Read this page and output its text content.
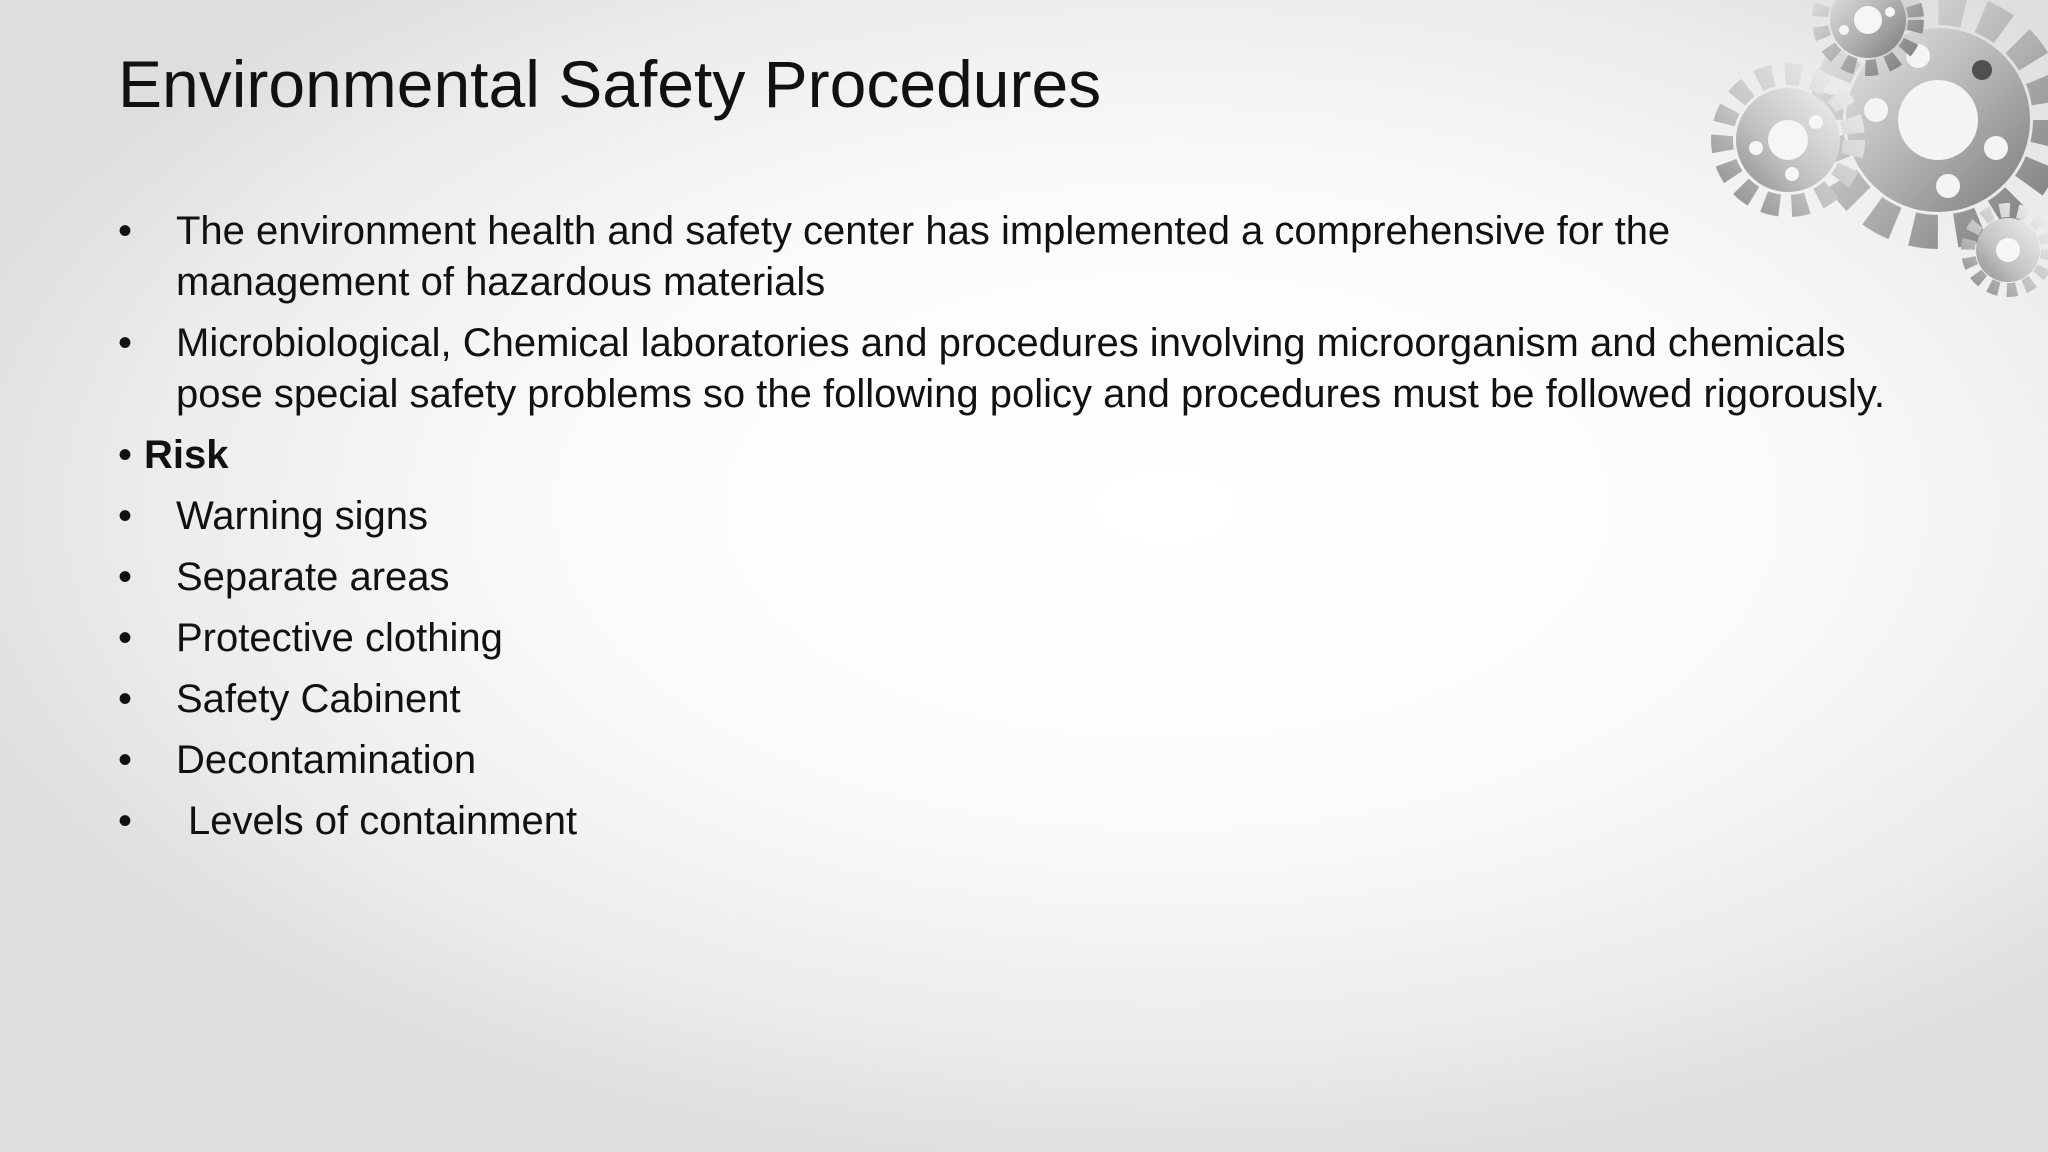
Environmental Safety Procedures
• The environment health and safety center has implemented a comprehensive for the management of hazardous materials
• Microbiological, Chemical laboratories and procedures involving microorganism and chemicals pose special safety problems so the following policy and procedures must be followed rigorously.
• Risk
• Warning signs
• Separate areas
• Protective clothing
• Safety Cabinent
• Decontamination
• Levels of containment
